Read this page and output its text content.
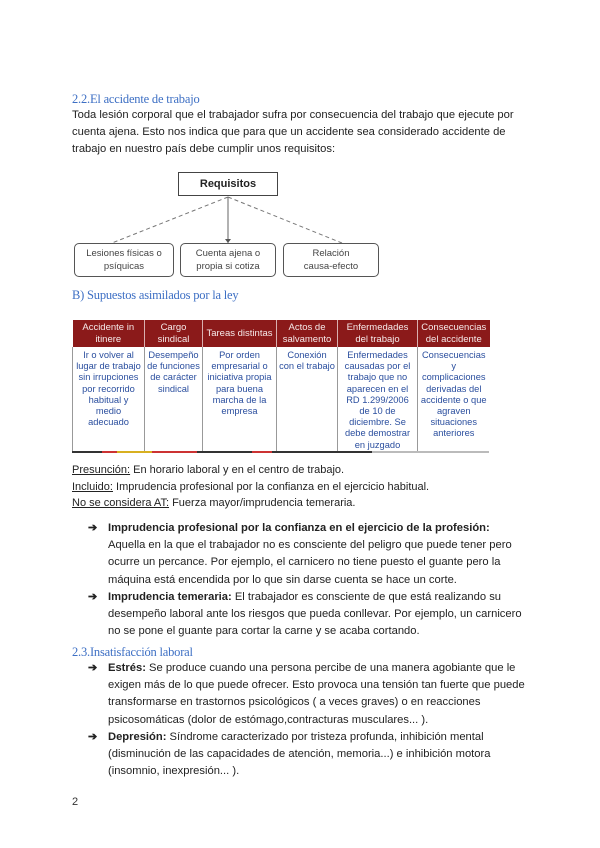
2.2.El accidente de trabajo
Toda lesión corporal que el trabajador sufra por consecuencia del trabajo que ejecute por cuenta ajena. Esto nos indica que para que un accidente sea considerado accidente de trabajo en nuestro país debe cumplir unos requisitos:
Requisitos
Lesiones físicas o
psíquicas
Cuenta ajena o
propia si cotiza
Relación
causa-efecto
B) Supuestos asimilados por la ley
Accidente in itinere	Cargo sindical	Tareas distintas	Actos de salvamento	Enfermedades del trabajo	Consecuencias del accidente
Ir o volver al lugar de trabajo sin irrupciones por recorrido habitual y medio adecuado	Desempeño de funciones de carácter sindical	Por orden empresarial o iniciativa propia para buena marcha de la empresa	Conexión con el trabajo	Enfermedades causadas por el trabajo que no aparecen en el RD 1.299/2006 de 10 de diciembre. Se debe demostrar en juzgado	Consecuencias y complicaciones derivadas del accidente o que agraven situaciones anteriores
Presunción: En horario laboral y en el centro de trabajo.
Incluido: Imprudencia profesional por la confianza en el ejercicio habitual.
No se considera AT: Fuerza mayor/imprudencia temeraria.
➔ Imprudencia profesional por la confianza en el ejercicio de la profesión: Aquella en la que el trabajador no es consciente del peligro que puede tener pero ocurre un percance. Por ejemplo, el carnicero no tiene puesto el guante pero la máquina está encendida por lo que sin darse cuenta se hace un corte.
➔ Imprudencia temeraria: El trabajador es consciente de que está realizando su desempeño laboral ante los riesgos que pueda conllevar. Por ejemplo, un carnicero no se pone el guante para cortar la carne y se acaba cortando.
2.3.Insatisfacción laboral
➔ Estrés: Se produce cuando una persona percibe de una manera agobiante que le exigen más de lo que puede ofrecer. Esto provoca una tensión tan fuerte que puede transformarse en trastornos psicológicos ( a veces graves) o en reacciones psicosomáticas (dolor de estómago,contracturas musculares... ).
➔ Depresión: Síndrome caracterizado por tristeza profunda, inhibición mental (disminución de las capacidades de atención, memoria...) e inhibición motora (insomnio, inexpresión... ).
2
